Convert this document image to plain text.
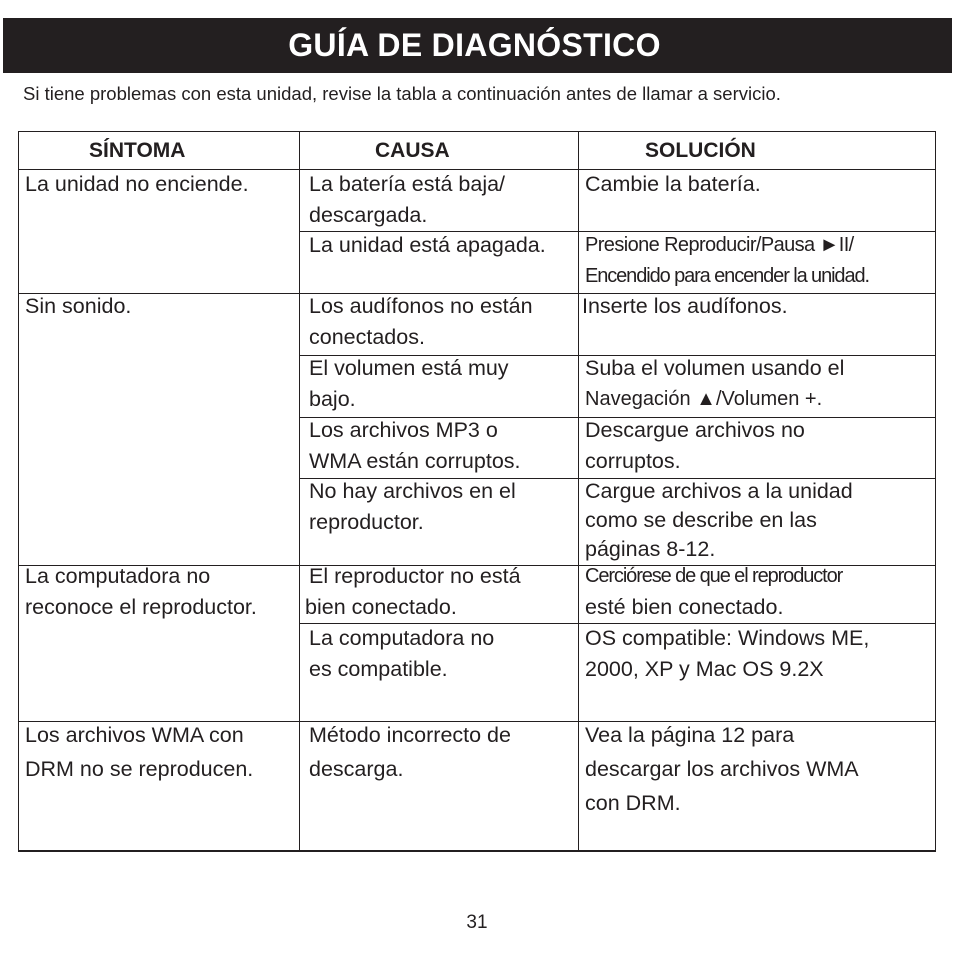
GUÍA DE DIAGNÓSTICO
Si tiene problemas con esta unidad, revise la tabla a continuación antes de llamar a servicio.
SÍNTOMA	CAUSA	SOLUCIÓN
La unidad no enciende.
Sin sonido.
La computadora no
reconoce el reproductor.
Los archivos WMA con
DRM no se reproducen.
La batería está baja/
descargada.
La unidad está apagada.
Los audífonos no están
conectados.
El volumen está muy
bajo.
Los archivos MP3 o
WMA están corruptos.
No hay archivos en el
reproductor.
El reproductor no está
bien conectado.
La computadora no
es compatible.
Método incorrecto de
descarga.
Cambie la batería.
Presione Reproducir/Pausa ►II/
Encendido para encender la unidad.
Inserte los audífonos.
Suba el volumen usando el
Navegación ▲/Volumen +.
Descargue archivos no
corruptos.
Cargue archivos a la unidad
como se describe en las
páginas 8-12.
Cerciórese de que el reproductor
esté bien conectado.
OS compatible: Windows ME,
2000, XP y Mac OS 9.2X
Vea la página 12 para
descargar los archivos WMA
con DRM.
31
